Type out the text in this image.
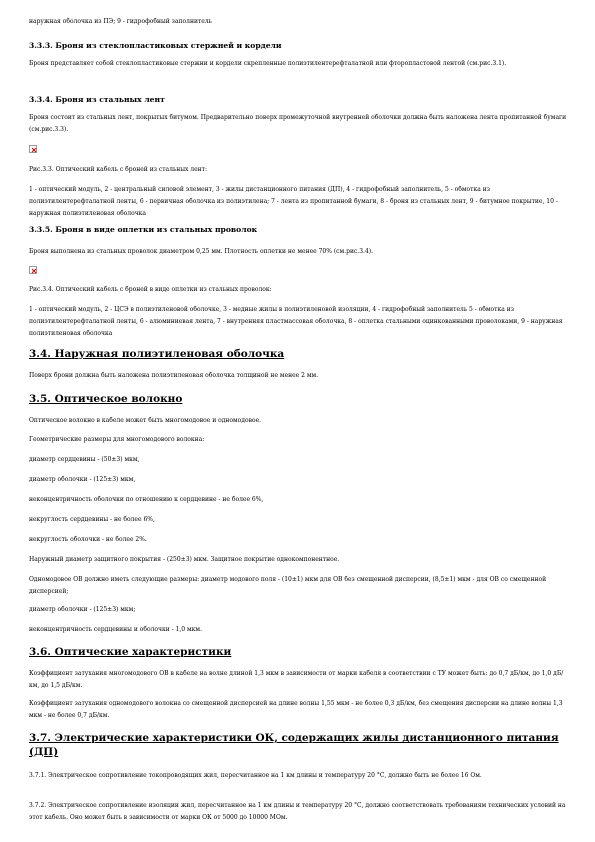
наружная оболочка из ПЭ; 9 - гидрофобный заполнитель

3.3.3. Броня из стеклопластиковых стержней и кордели

Броня представляет собой стеклопластиковые стержни и кордели скрепленные полиэтилентерефталатной или фторопластовой лентой (см.рис.3.1).

3.3.4. Броня из стальных лент

Броня состоит из стальных лент, покрытых битумом. Предварительно поверх промежуточной внутренней оболочки должна быть наложена лента пропитанной бумаги (см.рис.3.3).

Рис.3.3. Оптический кабель с броней из стальных лент:

1 - оптический модуль, 2 - центральный силовой элемент, 3 - жилы дистанционного питания (ДП), 4 - гидрофобный заполнитель, 5 - обмотка из полиэтилентерефталатной ленты, 6 - первичная оболочка из полиэтилена; 7 - лента из пропитанной бумаги, 8 - броня из стальных лент, 9 - битумное покрытие, 10 - наружная полиэтиленовая оболочка

3.3.5. Броня в виде оплетки из стальных проволок

Броня выполнена из стальных проволок диаметром 0,25 мм. Плотность оплетки не менее 70% (см.рис.3.4).

Рис.3.4. Оптический кабель с броней в виде оплетки из стальных проволок:

1 - оптический модуль, 2 - ЦСЭ в полиэтиленовой оболочке, 3 - медные жилы в полиэтиленовой изоляции, 4 - гидрофобный заполнитель 5 - обмотка из полиэтилентерефталатной ленты, 6 - алюминиевая лента, 7 - внутренняя пластмассовая оболочка, 8 - оплетка стальными оцинкованными проволоками, 9 - наружная полиэтиленовая оболочка

3.4. Наружная полиэтиленовая оболочка

Поверх брони должна быть наложена полиэтиленовая оболочка толщиной не менее 2 мм.

3.5. Оптическое волокно

Оптическое волокно в кабеле может быть многомодовое и одномодовое.

Геометрические размеры для многомодового волокна:

диаметр сердцевины - (50±3) мкм,

диаметр оболочки - (125±3) мкм,

неконцентричность оболочки по отношению к сердцевине - не более 6%,

некруглость сердцевины - не более 6%,

некруглость оболочки - не более 2%.

Наружный диаметр защитного покрытия - (250±3) мкм. Защитное покрытие однокомпонентное.

Одномодовое ОВ должно иметь следующие размеры: диаметр модового поля - (10±1) мкм для ОВ без смещенной дисперсии, (8,5±1) мкм - для ОВ со смещенной дисперсией;

диаметр оболочки - (125±3) мкм;

неконцентричность сердцевины и оболочки - 1,0 мкм.

3.6. Оптические характеристики

Коэффициент затухания многомодового ОВ в кабеле на волне длиной 1,3 мкм в зависимости от марки кабеля в соответствии с ТУ может быть: до 0,7 дБ/км, до 1,0 дБ/км, до 1,5 дБ/км.

Коэффициент затухания одномодового волокна со смещенной дисперсией на длине волны 1,55 мкм - не более 0,3 дБ/км, без смещения дисперсии на длине волны 1,3 мкм - не более 0,7 дБ/км.

3.7. Электрические характеристики ОК, содержащих жилы дистанционного питания (ДП)

3.7.1. Электрическое сопротивление токопроводящих жил, пересчитанное на 1 км длины и температуру 20 °С, должно быть не более 16 Ом.

3.7.2. Электрическое сопротивление изоляции жил, пересчитанное на 1 км длины и температуру 20 °С, должно соответствовать требованиям технических условий на этот кабель. Оно может быть в зависимости от марки ОК от 5000 до 10000 МОм.
